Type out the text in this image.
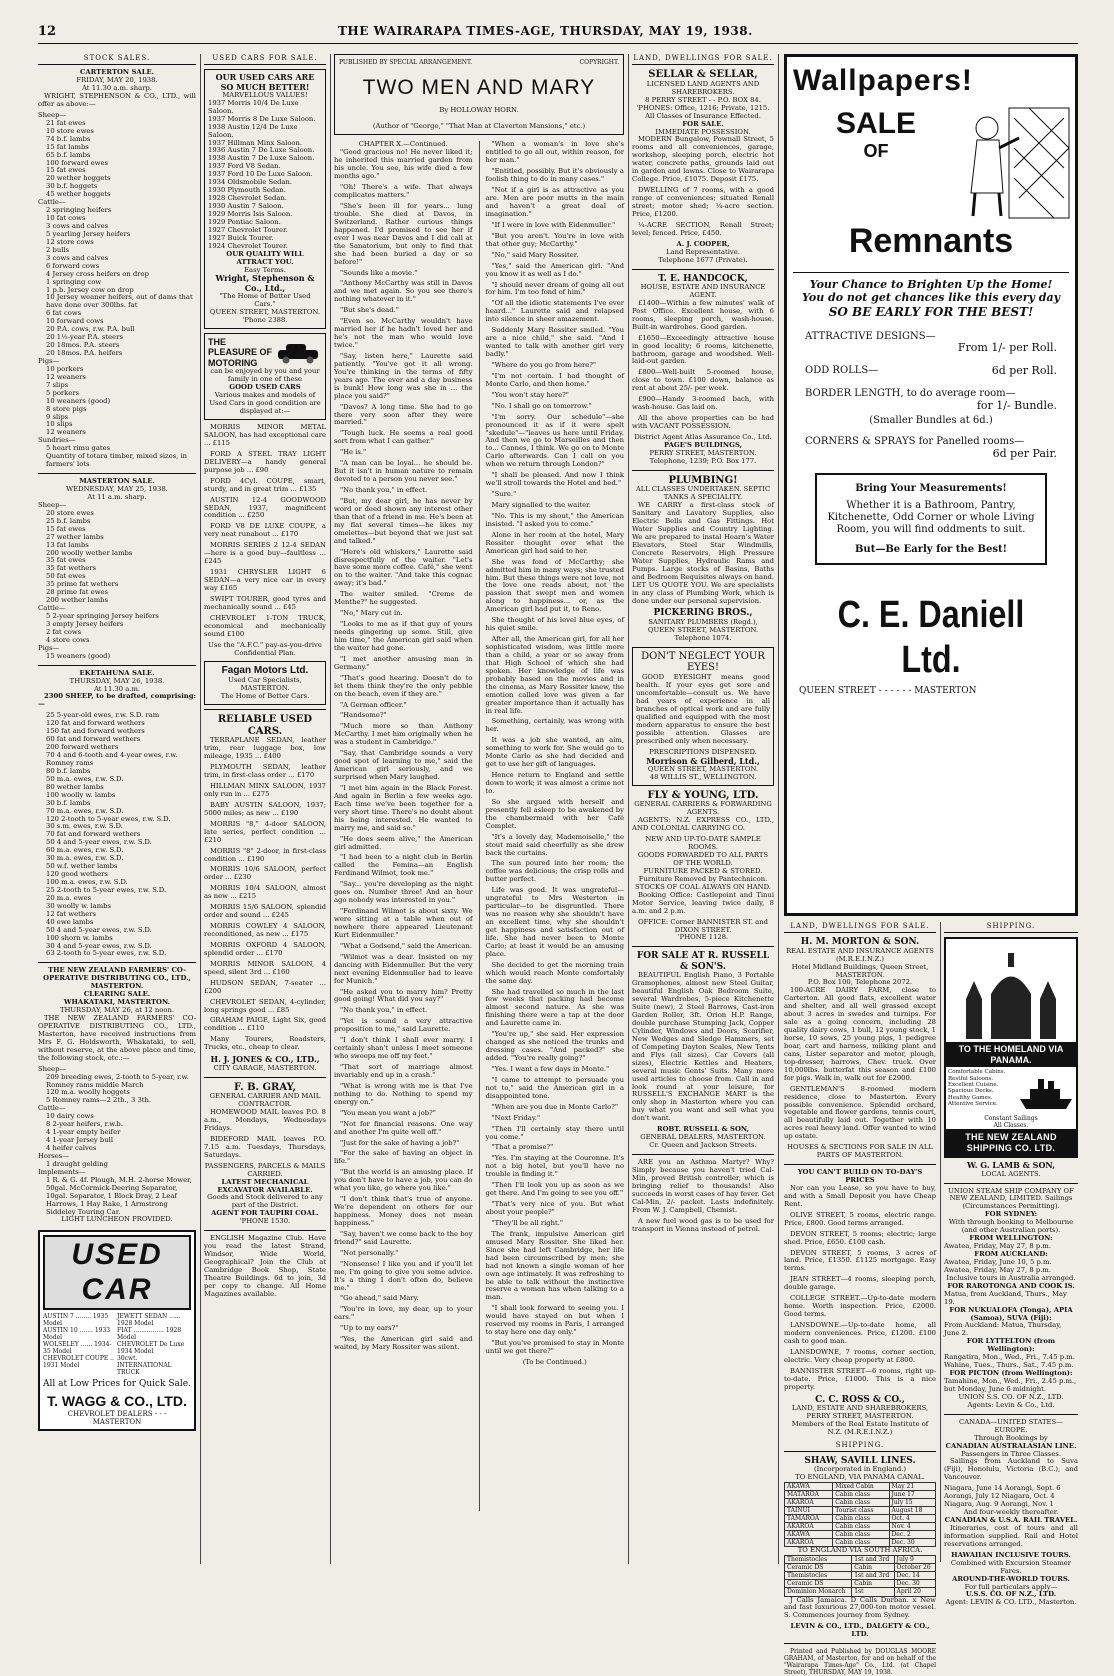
12	THE WAIRARAPA TIMES-AGE, THURSDAY, MAY 19, 1938.
STOCK SALES.
CARTERTON SALE.
FRIDAY, MAY 20, 1938.
At 11.30 a.m. sharp.
WRIGHT, STEPHENSON & CO., LTD., will offer as above:—
Sheep—
21 fat ewes
10 store ewes
74 b.f. lambs
15 fat lambs
65 b.f. lambs
100 forward ewes
15 fat ewes
20 wether hoggets
30 b.f. hoggets
45 wether hoggets
Cattle—
2 springing heifers
10 fat cows
3 cows and calves
5 yearling Jersey heifers
12 store cows
2 bulls
3 cows and calves
6 forward cows
4 Jersey cross heifers on drop
1 springing cow
1 p.b. Jersey cow on drop
10 Jersey weaner heifers, out of dams that have done over 300lbs. fat
6 fat cows
10 forward cows
20 P.A. cows, r.w. P.A. bull
20 1½-year P.A. steers
20 18mos. P.A. steers
20 18mos. P.A. heifers
Pigs—
10 porkers
12 weaners
7 slips
5 porkers
10 weaners (good)
8 store pigs
9 slips
10 slips
12 weaners
Sundries—
5 heart rimu gates
Quantity of totara timber, mixed sizes, in farmers' lots
MASTERTON SALE.
WEDNESDAY, MAY 25, 1938.
At 11 a.m. sharp.
Sheep—
20 store ewes
25 b.f. lambs
15 fat ewes
27 wether lambs
13 fat lambs
200 woolly wether lambs
35 fat ewes
35 fat wethers
50 fat ewes
35 prime fat wethers
28 prime fat ewes
200 wether lambs
Cattle—
5 2-year springing Jersey heifers
3 empty Jersey heifers
2 fat cows
4 store cows
Pigs—
15 weaners (good)
EKETAHUNA SALE.
THURSDAY, MAY 26, 1938.
At 11.30 a.m.
2300 SHEEP, to be drafted, comprising:—
25 5-year-old ewes, r.w. S.D. ram
120 fat and forward wethers
150 fat and forward wethers
60 fat and forward wethers
200 forward wethers
70 4 and 6-tooth and 4-year ewes, r.w. Romney rams
80 b.f. lambs
50 m.a. ewes, r.w. S.D.
80 wether lambs
100 woolly w. lambs
30 b.f. lambs
70 m.a. ewes, r.w. S.D.
120 2-tooth to 5-year ewes, r.w. S.D.
30 s.m. ewes, r.w. S.D.
70 fat and forward wethers
50 4 and 5-year ewes, r.w. S.D.
60 m.a. ewes, r.w. S.D.
30 m.a. ewes, r.w. S.D.
50 w.f. wether lambs
120 good wethers
100 m.a. ewes, r.w. S.D.
25 2-tooth to 5-year ewes, r.w. S.D.
20 m.a. ewes
30 woolly w. lambs
12 fat wethers
40 ewe lambs
50 4 and 5-year ewes, r.w. S.D.
100 shorn w. lambs
30 4 and 5-year ewes, r.w. S.D.
63 2-tooth to 5-year ewes, r.w. S.D.
THE NEW ZEALAND FARMERS' CO-OPERATIVE DISTRIBUTING CO., LTD., MASTERTON.
CLEARING SALE.
WHAKATAKI, MASTERTON.
THURSDAY, MAY 26, at 12 noon.
THE NEW ZEALAND FARMERS' CO-OPERATIVE DISTRIBUTING CO., LTD., Masterton, have received instructions from Mrs F. G. Holdsworth, Whakataki, to sell, without reserve, at the above place and time, the following stock, etc.:—
Sheep—
209 breeding ewes, 2-tooth to 5-year, r.w. Romney rams middle March
120 m.a. woolly hoggets
5 Romney rams—2 2th., 3 3th.
Cattle—
10 dairy cows
8 2-year heifers, r.w.b.
4 1-year empty heifer
4 1-year Jersey bull
4 heifer calves
Horses—
1 draught gelding
Implements—
1 R. & G. 4f. Plough, M.H. 2-horse Mower, 50gal. McCormick-Deering Separator, 10gal. Separator, 1 Block Dray, 2 Leaf Harrows, 1 Hay Rake, 1 Armstrong Siddeley Touring Car.
LIGHT LUNCHEON PROVIDED.
USED CAR
AUSTIN 7 ........ 1935 Model
AUSTIN 10 ....... 1933 Model
WOLSELEY ...... 1934-35 Model
CHEVROLET COUPE .. 1931 Model
JEWETT SEDAN ...... 1928 Model
FIAT ................ 1928 Model
CHEVROLET De Luxe 1934 Model
30cwt. INTERNATIONAL TRUCK
All at Low Prices for Quick Sale.
T. WAGG & CO., LTD.
CHEVROLET DEALERS - - - MASTERTON
USED CARS FOR SALE.
OUR USED CARS ARE SO MUCH BETTER!
MARVELLOUS VALUES!
1937 Morris 10/4 De Luxe Saloon.
1937 Morris 8 De Luxe Saloon.
1938 Austin 12/4 De Luxe Saloon.
1937 Hillman Minx Saloon.
1936 Austin 7 De Luxe Saloon.
1938 Austin 7 De Luxe Saloon.
1937 Ford V8 Sedan.
1937 Ford 10 De Luxe Saloon.
1934 Oldsmobile Sedan.
1930 Plymouth Sedan.
1928 Chevrolet Sedan.
1930 Austin 7 Saloon.
1929 Morris Isis Saloon.
1929 Pontiac Saloon.
1927 Chevrolet Tourer.
1927 Buick Tourer.
1924 Chevrolet Tourer.
OUR QUALITY WILL ATTRACT YOU.
Easy Terms.
Wright, Stephenson & Co., Ltd.,
"The Home of Better Used Cars."
QUEEN STREET, MASTERTON.
'Phone 2388.
THE PLEASURE OF MOTORING
can be enjoyed by you and your family in one of these
GOOD USED CARS
Various makes and models of Used Cars in good condition are displayed at:—
MORRIS MINOR METAL SALOON, has had exceptional care ... £115
FORD A STEEL TRAY LIGHT DELIVERY—a handy general purpose job ... £90
FORD 4Cyl. COUPE, smart, sturdy, and in great trim ... £135
AUSTIN 12-4 GOODWOOD SEDAN, 1937, magnificent condition ... £250
FORD V8 DE LUXE COUPE, a very neat runabout ... £170
MORRIS SERIES 2 12-4 SEDAN—here is a good buy—faultless ... £245
1931 CHRYSLER LIGHT 6 SEDAN—a very nice car in every way £165
SWIFT TOURER, good tyres and mechanically sound ... £45
CHEVROLET 1-TON TRUCK, economical and mechanically sound £100
Use the "A.F.C." pay-as-you-drive Confidential Plan.
Fagan Motors Ltd.
Used Car Specialists, MASTERTON.
The Home of Better Cars.
RELIABLE USED CARS.
TERRAPLANE SEDAN, leather trim, rear luggage box, low mileage, 1935 ... £400
PLYMOUTH SEDAN, leather trim, in first-class order ... £170
HILLMAN MINX SALOON, 1937 only run in ... £275
BABY AUSTIN SALOON, 1937; 5000 miles; as new ... £190
MORRIS "8," 4-door SALOON, late series, perfect condition ... £210
MORRIS "8" 2-door, in first-class condition ... £190
MORRIS 10/6 SALOON, perfect order ... £230
MORRIS 10/4 SALOON, almost as new ... £215
MORRIS 15/6 SALOON, splendid order and sound ... £245
MORRIS COWLEY 4 SALOON, reconditioned, as new ... £175
MORRIS OXFORD 4 SALOON, splendid order ... £170
MORRIS MINOR SALOON, 4 speed, silent 3rd ... £160
HUDSON SEDAN, 7-seater ... £200
CHEVROLET SEDAN, 4-cylinder, long springs good ... £85
GRAHAM PAIGE, Light Six, good condition ... £110
Many Tourers, Roadsters, Trucks, etc., cheap to clear.
H. J. JONES & CO., LTD.,
CITY GARAGE, MASTERTON.
F. B. GRAY,
GENERAL CARRIER AND MAIL CONTRACTOR.
HOMEWOOD MAIL leaves P.O. 8 a.m., Mondays, Wednesdays Fridays.
BIDEFORD MAIL leaves P.O. 7.15 a.m. Tuesdays, Thursdays, Saturdays.
PASSENGERS, PARCELS & MAILS CARRIED.
LATEST MECHANICAL EXCAVATOR AVAILABLE.
Goods and Stock delivered to any part of the District.
AGENT FOR TAUPIRI COAL.
'PHONE 1530.
ENGLISH Magazine Club. Have you read the latest Strand, Windsor, Wide World, Geographical? Join the Club at Cambridge Book Shop, State Theatre Buildings. 6d to join, 3d per copy to change. All Home Magazines available.
PUBLISHED BY SPECIAL ARRANGEMENT.	COPYRIGHT.
TWO MEN AND MARY
By HOLLOWAY HORN.
(Author of "George," "That Man at Claverton Mansions," etc.)
CHAPTER X.—Continued.
"Good gracious no! He never liked it; he inherited this married garden from his uncle. You see, his wife died a few months ago."
"Oh! There's a wife. That always complicates matters."
"She's been ill for years... lung trouble. She died at Davos, in Switzerland. Rather curious things happened. I'd promised to see her if ever I was near Davos and I did call at the Sanatorium, but only to find that she had been buried a day or so before!"
"Sounds like a movie."
"Anthony McCarthy was still in Davos and we met again. So you see there's nothing whatever in it."
"But she's dead."
"Even so. McCarthy wouldn't have married her if he hadn't loved her and he's not the man who would love twice."
"Say, listen here," Laurette said patiently. "You've got it all wrong. You're thinking in the terms of fifty years ago. The ever and a day business is bunk! How long was she in ... the place you said?"
"Davos? A long time. She had to go there very soon after they were married."
"Tough luck. He seems a real good sort from what I can gather."
"He is."
"A man can be loyal... he should be. But it isn't in human nature to remain devoted to a person you never see."
"No thank you," in effect.
"But, my dear girl, he has never by word or deed shown any interest other than that of a friend in me. He's been at my flat several times—he likes my omelettes—but beyond that we just sat and talked."
"Here's old whiskers," Laurette said disrespectfully of the waiter. "Let's have some more coffee. Café," she went on to the waiter. "And take this cognac away; it's bad."
The waiter smiled. "Creme de Menthe?" he suggested.
"No," Mary cut in.
"Looks to me as if that guy of yours needs gingering up some. Still, give him time," the American girl said when the waiter had gone.
"I met another amusing man in Germany."
"That's good hearing. Doesn't do to let them think they're the only pebble on the beach, even if they are."
"A German officer."
"Handsome?"
"Much more so than Anthony McCarthy. I met him originally when he was a student in Cambridge."
"Say, that Cambridge sounds a very good spot of learning to me," said the American girl seriously, and we surprised when Mary laughed.
"I met him again in the Black Forest. And again in Berlin a few weeks ago. Each time we've been together for a very short time. There's no doubt about his being interested. He wanted to marry me, and said so."
"He does seem alive," the American girl admitted.
"I had been to a night club in Berlin called the Femina—an English Ferdinand Wilmot, took me."
"Say... you're developing as the night goes on. Number three! And an hour ago nobody was interested in you."
"Ferdinand Wilmot is about sixty. We were sitting at a table when out of nowhere there appeared Lieutenant Kurt Eidenmuller."
"What a Godsend," said the American.
"Wilmot was a dear. Insisted on my dancing with Eidenmuller. But the very next evening Eidenmuller had to leave for Munich."
"He asked you to marry him? Pretty good going! What did you say?"
"No thank you," in effect.
"Yet is sound a very attractive proposition to me," said Laurette.
"I don't think I shall ever marry. I certainly shan't unless I meet someone who sweeps me off my feet."
"That sort of marriage almost invariably end up in a crash."
"What is wrong with me is that I've nothing to do. Nothing to spend my energy on."
"You mean you want a job?"
"Not for financial reasons. One way and another I'm quite well off."
"Just for the sake of having a job?"
"For the sake of having an object in life."
"But the world is an amusing place. If you don't have to have a job, you can do what you like, go where you like."
"I don't think that's true of anyone. We're dependent on others for our happiness. Money does not mean happiness."
"Say, haven't we come back to the boy friend?" said Laurette.
"Not personally."
"Nonsense! I like you and if you'll let me, I'm going to give you some advice. It's a thing I don't often do, believe me."
"Go ahead," said Mary.
"You're in love, my dear, up to your ears."
"Up to my ears?"
"Yes, the American girl said and waited, by Mary Rossiter was silent.
"When a woman's in love she's entitled to go all out, within reason, for her man."
"Entitled, possibly. But it's obviously a foolish thing to do in many cases."
"Not if a girl is as attractive as you are. Men are poor mutts in the main and haven't a great deal of imagination."
"If I were in love with Eidenmuller."
"But you aren't. You're in love with that other guy; McCarthy."
"No," said Mary Rossiter.
"Yes," said the American girl. "And you know it as well as I do."
"I should never dream of going all out for him. I'm too fond of him."
"Of all the idiotic statements I've ever heard..." Laurette said and relapsed into silence in sheer amazement.
Suddenly Mary Rossiter smiled. "You are a nice child," she said. "And I wanted to talk with another girl very badly."
"Where do you go from here?"
"I'm not certain. I had thought of Monte Carlo, and then home."
"You won't stay here?"
"No. I shall go on tomorrow."
"I'm sorry. Our schedule"—she pronounced it as if it were spelt "skedule"—"leaves us here until Friday. And then we go to Marseilles and then to... Cannes, I think. We go on to Monte Carlo afterwards. Can I call on you when we return through London?"
"I shall be pleased. And now I think we'll stroll towards the Hotel and bed."
"Sure."
Mary signalled to the waiter.
"No. This is my shout," the American insisted. "I asked you to come."
Alone in her room at the hotel, Mary Rossiter thought over what the American girl had said to her.
She was fond of McCarthy; she admitted him in many ways; she trusted him. But these things were not love, not the love one reads about, not the passion that swept men and women along to happiness... or, as the American girl had put it, to Reno.
She thought of his level blue eyes, of his quiet smile.
After all, the American girl, for all her sophisticated wisdom, was little more than a child, a year or so away from that High School of which she had spoken. Her knowledge of life was probably based on the movies and in the cinema, as Mary Rossiter knew, the emotion called love was given a far greater importance than it actually has in real life.
Something, certainly, was wrong with her.
It was a job she wanted, an aim, something to work for. She would go to Monte Carlo as she had decided and get to use her gift of languages.
Hence return to England and settle down to work; it was almost a crime not to.
So she argued with herself and presently fell asleep to be awakened by the chambermaid with her Café Complet.
"It's a lovely day, Mademoiselle," the stout maid said cheerfully as she drew back the curtains.
The sun poured into her room; the coffee was delicious; the crisp rolls and butter perfect.
Life was good. It was ungrateful—ungrateful to Mrs Westerton in particular—to be disgruntled. There was no reason why she shouldn't have an excellent time, why she shouldn't get happiness and satisfaction out of life. She had never been to Monte Carlo; at least it would be an amusing place.
She decided to get the morning train which would reach Monte comfortably the same day.
She had travelled so much in the last few weeks that packing had become almost second nature. As she was finishing there were a tap at the door and Laurette came in.
"You're up," she said. Her expression changed as she noticed the trunks and dressing cases. "And packed?" she added. "You're really going?"
"Yes. I want a few days in Monte."
"I came to attempt to persuade you not to," said the American girl in a disappointed tone.
"When are you due in Monte Carlo?"
"Next Friday."
"Then I'll certainly stay there until you come."
"That a promise?"
"Yes. I'm staying at the Couronne. It's not a big hotel, but you'll have no trouble in finding it."
"Then I'll look you up as soon as we get there. And I'm going to see you off."
"That's very nice of you. But what about your people?"
"They'll be all right."
The frank, impulsive American girl amused Mary Rossiter. She liked her. Since she had left Cambridge, her life had been circumscribed by men; she had not known a single woman of her own age intimately. It was refreshing to be able to talk without the instinctive reserve a woman has when talking to a man.
"I shall look forward to seeing you. I would have stayed on but when I reserved my rooms in Paris, I arranged to stay here one day only."
"But you've promised to stay in Monte until we get there?"
(To be Continued.)
LAND, DWELLINGS FOR SALE.
SELLAR & SELLAR,
LICENSED LAND AGENTS AND SHAREBROKERS.
8 PERRY STREET - - P.O. BOX 84.
'PHONES: Office, 1216; Private, 1215.
All Classes of Insurance Effected.
FOR SALE.
IMMEDIATE POSSESSION.
MODERN Bungalow, Pownall Street, 5 rooms and all conveniences, garage, workshop, sleeping porch, electric hot water, concrete paths, grounds laid out in garden and lawns. Close to Wairarapa College. Price, £1075. Deposit £175.
DWELLING of 7 rooms, with a good range of conveniences; situated Renall street; motor shed; ¼-acre section. Price, £1200.
¼-ACRE SECTION, Renall Street; level; fenced. Price, £450.
A. J. COOPER,
Land Representative.
Telephone 1677 (Private).
T. E. HANDCOCK,
HOUSE, ESTATE AND INSURANCE AGENT.
£1400—Within a few minutes' walk of Post Office. Excellent house, with 6 rooms, sleeping porch, wash-house. Built-in wardrobes. Good garden.
£1650—Exceedingly attractive house in good locality; 6 rooms, kitchenette, bathroom, garage and woodshed. Well-laid-out garden.
£800—Well-built 5-roomed house, close to town. £100 down, balance as rent at about 25/- per week.
£900—Handy 3-roomed bach, with wash-house. Gas laid on.
All the above properties can be had with VACANT POSSESSION.
District Agent Atlas Assurance Co., Ltd.
PAGE'S BUILDINGS,
PERRY STREET, MASTERTON.
Telephone, 1239; P.O. Box 177.
PLUMBING!
ALL CLASSES UNDERTAKEN. SEPTIC TANKS A SPECIALITY.
WE CARRY a first-class stock of Sanitary and Lavatory Supplies, also Electric Bells and Gas Fittings. Hot Water Supplies and Country Lighting. We are prepared to instal Hearn's Water Elevators, Steel Star Windmills, Concrete Reservoirs, High Pressure Water Supplies, Hydraulic Rams and Pumps. Large stocks of Basins, Baths and Bedroom Requisites always on hand. LET US QUOTE YOU. We are specialists in any class of Plumbing Work, which is done under our personal supervision.
PICKERING BROS.,
SANITARY PLUMBERS (Regd.),
QUEEN STREET, MASTERTON.
Telephone 1074.
DON'T NEGLECT YOUR EYES!
GOOD EYESIGHT means good health. If your eyes get sore and uncomfortable—consult us. We have had years of experience in all branches of optical work and are fully qualified and equipped with the most modern apparatus to ensure the best possible attention. Glasses are prescribed only when necessary.
PRESCRIPTIONS DISPENSED.
Morrison & Gilberd, Ltd.,
QUEEN STREET, MASTERTON.
48 WILLIS ST., WELLINGTON.
FLY & YOUNG, LTD.
GENERAL CARRIERS & FORWARDING AGENTS.
AGENTS: N.Z. EXPRESS CO., LTD., AND COLONIAL CARRYING CO.
NEW AND UP-TO-DATE SAMPLE ROOMS.
GOODS FORWARDED TO ALL PARTS OF THE WORLD.
FURNITURE PACKED & STORED. Furniture Removed by Pantechnicon.
STOCKS OF COAL ALWAYS ON HAND.
Booking Office: Castlepoint and Tinui Motor Service, leaving twice daily, 8 a.m. and 2 p.m.
OFFICE: Corner BANNISTER ST. and DIXON STREET.
'PHONE 1128.
FOR SALE AT R. RUSSELL & SON'S.
BEAUTIFUL English Piano, 3 Portable Gramophones, almost new Steel Guitar, beautiful English Oak Bedroom Suite, several Wardrobes, 5-piece Kitchenette Suite (new), 2 Steel Barrows, Cast-iron Garden Roller, 3ft. Orion H.P. Range, double purchase Stumping Jack, Copper Cylinder, Windows and Doors, Scarifier, New Wedges and Sledge Hammers, set of Competing Dayton Scales, New Tents and Flys (all sizes), Car Covers (all sizes), Electric Kettles and Heaters, several music Gents' Suits. Many more used articles to choose from. Call in and look round at your leisure, for RUSSELL'S EXCHANGE MART is the only shop in Masterton where you can buy what you want and sell what you don't want.
ROBT. RUSSELL & SON,
GENERAL DEALERS, MASTERTON.
Cr. Queen and Jackson Streets.
ARE you an Asthma Martyr? Why? Simply because you haven't tried Cal-Min, proved British controller, which is bringing relief to thousands! Also succeeds in worst cases of hay fever. Get Cal-Min, 2/- packet. Lasts indefinitely. From W. J. Campbell, Chemist.
A new fuel wood gas is to be used for transport in Vienna instead of petrol.
Wallpapers!
SALE
OF
Remnants
Your Chance to Brighten Up the Home!
You do not get chances like this every day
SO BE EARLY FOR THE BEST!
ATTRACTIVE DESIGNS—
From 1/- per Roll.
ODD ROLLS—	6d per Roll.
BORDER LENGTH, to do average room—
for 1/- Bundle.
(Smaller Bundles at 6d.)
CORNERS & SPRAYS for Panelled rooms—
6d per Pair.
Bring Your Measurements!
Whether it is a Bathroom, Pantry, Kitchenette, Odd Corner or whole Living Room, you will find oddments to suit.
But—Be Early for the Best!
C. E. Daniell Ltd.
QUEEN STREET - - - - - - MASTERTON
LAND, DWELLINGS FOR SALE.
H. M. MORTON & SON.
REAL ESTATE AND INSURANCE AGENTS (M.R.E.I.N.Z.)
Hotel Midland Buildings, Queen Street, MASTERTON.
P.O. Box 100, Telephone 2072.
100-ACRE DAIRY FARM, close to Carterton. All good flats, excellent water and shelter, and all well grassed except about 3 acres in swedes and turnips. For sale as a going concern, including 28 quality dairy cows, 1 bull, 12 young stock, 1 horse, 10 sows, 25 young pigs, 1 pedigree boar, cart and harness, milking plant and cans, Lister separator and motor, plough, top-dresser, harrows, Chev. truck. Over 10,000lbs. butterfat this season and £100 for pigs. Walk in, walk out for £2900.
GENTLEMAN'S 8-roomed modern residence, close to Masterton. Every possible convenience. Splendid orchard, vegetable and flower gardens, tennis court, all beautifully laid out. Together with 10 acres real heavy land. Offer wanted to wind up estate.
HOUSES & SECTIONS FOR SALE IN ALL PARTS OF MASTERTON.
YOU CAN'T BUILD ON TO-DAY'S PRICES
Nor can you Lease, so you have to buy, and with a Small Deposit you have Cheap Rent.
OLIVE STREET, 5 rooms, electric range. Price, £800. Good terms arranged.
DEVON STREET, 5 rooms; electric; large shed. Price, £650. £100 cash.
DEVON STREET, 5 rooms, 3 acres of land. Price, £1350. £1125 mortgage. Easy terms.
JEAN STREET—4 rooms, sleeping porch, double garage.
COLLEGE STREET.—Up-to-date modern home. Worth inspection. Price, £2000. Good terms.
LANSDOWNE.—Up-to-date home, all modern conveniences. Price, £1200. £100 cash to good man.
LANSDOWNE, 7 rooms, corner section, electric. Very cheap property at £800.
BANNISTER STREET—6 rooms, right up-to-date. Price, £1000. This is a nice property.
C. C. ROSS & CO.,
LAND, ESTATE AND SHAREBROKERS,
PERRY STREET, MASTERTON.
Members of the Real Estate Institute of N.Z. (M.R.E.I.N.Z.)
SHIPPING.
SHAW, SAVILL LINES.
(Incorporated in England.)
TO ENGLAND, VIA PANAMA CANAL.
AKAWA	Mixed Cabin	May 21
MATAROA	Cabin class	June 17
AKAROA	Cabin class	July 15
TAINUI	Tourist class	August 18
TAMAROA	Cabin class	Oct. 4
AKAROA	Cabin class	Nov. 4
AKAWA	Cabin class	Dec. 2
AKAROA	Cabin class	Dec. 30
TO ENGLAND VIA SOUTH AFRICA.
Themistocles	1st and 3rd	July 9
Ceramic DS	Cabin	October 26
Themistocles	1st and 3rd	Dec. 14
Ceramic DS	Cabin	Dec. 30
Dominion Monarch	1st	April 20
J Calls Jamaica. D Calls Durban. x New and fast luxurious 27,000-ton motor vessel. S. Commences journey from Sydney.
LEVIN & CO., LTD., DALGETY & CO., LTD.
Printed and Published by DOUGLAS MOORE GRAHAM, of Masterton, for and on behalf of the "Wairarapa Times-Age" Co., Ltd. (at Chapel Street), THURSDAY, MAY 19, 1938.
SHIPPING.
TO THE HOMELAND VIA PANAMA.
Comfortable Cabins.
Restful Saloons.
Excellent Cuisine.
Spacious Decks.
Healthy Games.
Attentive Service.
Constant Sailings
All Classes.
THE NEW ZEALAND SHIPPING CO. LTD.
W. G. LAMB & SON,
LOCAL AGENTS.
UNION STEAM SHIP COMPANY OF NEW ZEALAND, LIMITED. Sailings (Circumstances Permitting).
FOR SYDNEY:
With through booking to Melbourne (and other Australian ports).
FROM WELLINGTON:
Awatea, Friday, May 27, 8 p.m.
FROM AUCKLAND:
Awatea, Friday, June 10, 5 p.m.
Awatea, Friday, May 27, 8 p.m.
Inclusive tours in Australia arranged.
FOR RAROTONGA AND COOK IS.
Matua, from Auckland, Thurs., May 19.
FOR NUKUALOFA (Tonga), APIA (Samoa), SUVA (Fiji):
From Auckland: Matua, Thursday, June 2.
FOR LYTTELTON (from Wellington):
Rangatira, Mon., Wed., Fri., 7.45 p.m.
Wahine, Tues., Thurs., Sat., 7.45 p.m.
FOR PICTON (from Wellington):
Tamahine, Mon., Wed., Fri., 2.45 p.m., but Monday, June 6 midnight.
UNION S.S. CO. OF N.Z., LTD.
Agents: Levin & Co., Ltd.
CANADA—UNITED STATES—EUROPE.
Through Bookings by
CANADIAN AUSTRALASIAN LINE.
Passengers in Three Classes.
Sailings from Auckland to Suva (Fiji), Honolulu, Victoria (B.C.), and Vancouver.
Niagara, June 14 Aorangi, Sept. 6
Aorangi, July 12 Niagara, Oct. 4
Niagara, Aug. 9 Aorangi, Nov. 1
And four-weekly thereafter.
CANADIAN & U.S.A. RAIL TRAVEL.
Itineraries, cost of tours and all information supplied. Rail and Hotel reservations arranged.
HAWAIIAN INCLUSIVE TOURS.
Combined with Excursion Steamer Fares.
AROUND-THE-WORLD TOURS.
For full particulars apply—
U.S.S. CO. OF N.Z., LTD.
Agent: LEVIN & CO. LTD., Masterton.
